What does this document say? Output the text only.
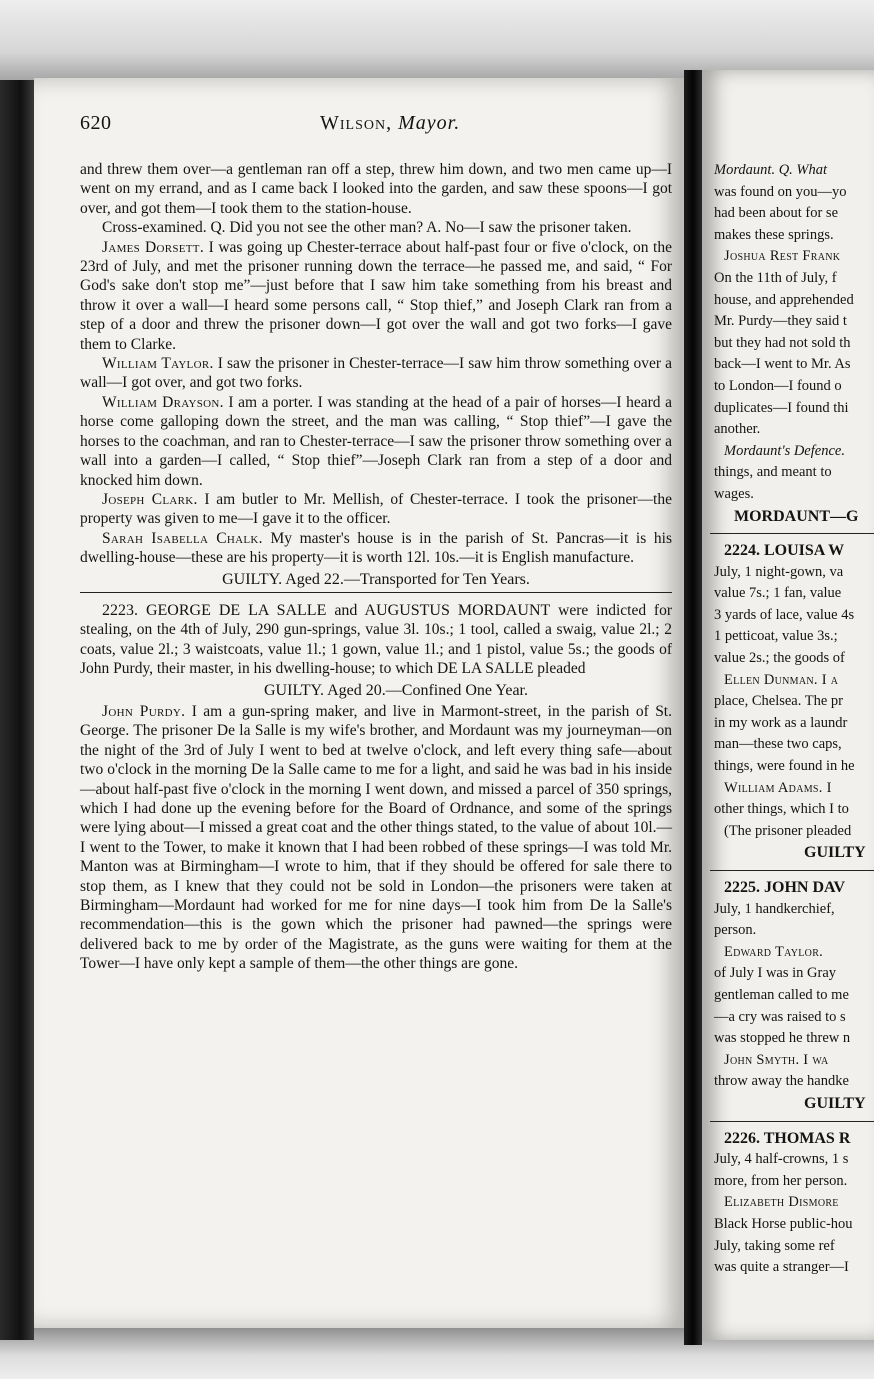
620	Wilson, Mayor.

and threw them over—a gentleman ran off a step, threw him down, and two men came up—I went on my errand, and as I came back I looked into the garden, and saw these spoons—I got over, and got them—I took them to the station-house.

Cross-examined. Q. Did you not see the other man? A. No—I saw the prisoner taken.

James Dorsett. I was going up Chester-terrace about half-past four or five o'clock, on the 23rd of July, and met the prisoner running down the terrace—he passed me, and said, “ For God's sake don't stop me”—just before that I saw him take something from his breast and throw it over a wall—I heard some persons call, “ Stop thief,” and Joseph Clark ran from a step of a door and threw the prisoner down—I got over the wall and got two forks—I gave them to Clarke.

William Taylor. I saw the prisoner in Chester-terrace—I saw him throw something over a wall—I got over, and got two forks.

William Drayson. I am a porter. I was standing at the head of a pair of horses—I heard a horse come galloping down the street, and the man was calling, “ Stop thief”—I gave the horses to the coachman, and ran to Chester-terrace—I saw the prisoner throw something over a wall into a garden—I called, “ Stop thief”—Joseph Clark ran from a step of a door and knocked him down.

Joseph Clark. I am butler to Mr. Mellish, of Chester-terrace. I took the prisoner—the property was given to me—I gave it to the officer.

Sarah Isabella Chalk. My master's house is in the parish of St. Pancras—it is his dwelling-house—these are his property—it is worth 12l. 10s.—it is English manufacture.

GUILTY. Aged 22.—Transported for Ten Years.

2223. GEORGE DE LA SALLE and AUGUSTUS MORDAUNT were indicted for stealing, on the 4th of July, 290 gun-springs, value 3l. 10s.; 1 tool, called a swaig, value 2l.; 2 coats, value 2l.; 3 waistcoats, value 1l.; 1 gown, value 1l.; and 1 pistol, value 5s.; the goods of John Purdy, their master, in his dwelling-house; to which DE LA SALLE pleaded

GUILTY. Aged 20.—Confined One Year.

John Purdy. I am a gun-spring maker, and live in Marmont-street, in the parish of St. George. The prisoner De la Salle is my wife's brother, and Mordaunt was my journeyman—on the night of the 3rd of July I went to bed at twelve o'clock, and left every thing safe—about two o'clock in the morning De la Salle came to me for a light, and said he was bad in his inside—about half-past five o'clock in the morning I went down, and missed a parcel of 350 springs, which I had done up the evening before for the Board of Ordnance, and some of the springs were lying about—I missed a great coat and the other things stated, to the value of about 10l.—I went to the Tower, to make it known that I had been robbed of these springs—I was told Mr. Manton was at Birmingham—I wrote to him, that if they should be offered for sale there to stop them, as I knew that they could not be sold in London—the prisoners were taken at Birmingham—Mordaunt had worked for me for nine days—I took him from De la Salle's recommendation—this is the gown which the prisoner had pawned—the springs were delivered back to me by order of the Magistrate, as the guns were waiting for them at the Tower—I have only kept a sample of them—the other things are gone.

Mordaunt. Q. What
was found on you—yo
had been about for se
makes these springs.
Joshua Rest Frank
On the 11th of July, f
house, and apprehended
Mr. Purdy—they said t
but they had not sold th
back—I went to Mr. As
to London—I found o
duplicates—I found thi
another.
Mordaunt's Defence.
things, and meant to
wages.
MORDAUNT—G
2224. LOUISA W
July, 1 night-gown, va
value 7s.; 1 fan, value
3 yards of lace, value 4s
1 petticoat, value 3s.;
value 2s.; the goods of
Ellen Dunman. I a
place, Chelsea. The pr
in my work as a laundr
man—these two caps,
things, were found in he
William Adams. I
other things, which I to
(The prisoner pleaded
GUILTY
2225. JOHN DAV
July, 1 handkerchief,
person.
Edward Taylor.
of July I was in Gray
gentleman called to me
—a cry was raised to s
was stopped he threw n
John Smyth. I wa
throw away the handke
GUILTY
2226. THOMAS R
July, 4 half-crowns, 1 s
more, from her person.
Elizabeth Dismore
Black Horse public-hou
July, taking some ref
was quite a stranger—I
